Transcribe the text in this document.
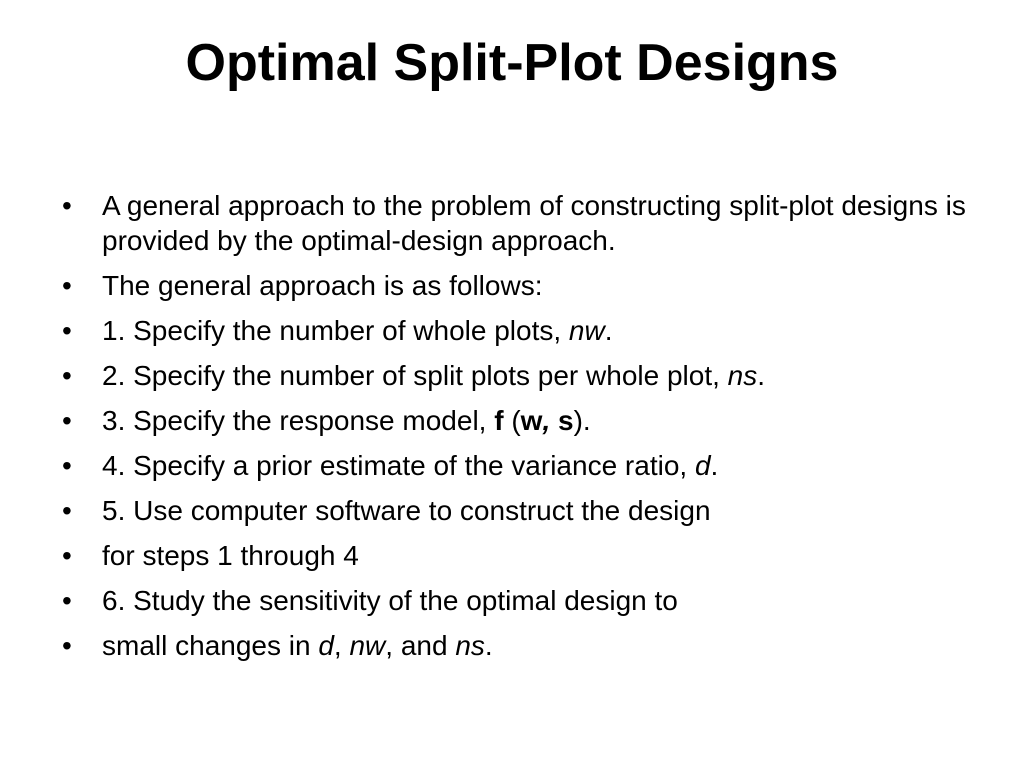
Optimal Split-Plot Designs
• A general approach to the problem of constructing split-plot designs is provided by the optimal-design approach.
• The general approach is as follows:
• 1. Specify the number of whole plots, nw.
• 2. Specify the number of split plots per whole plot, ns.
• 3. Specify the response model, f (w, s).
• 4. Specify a prior estimate of the variance ratio, d.
• 5. Use computer software to construct the design
• for steps 1 through 4
• 6. Study the sensitivity of the optimal design to
• small changes in d, nw, and ns.
